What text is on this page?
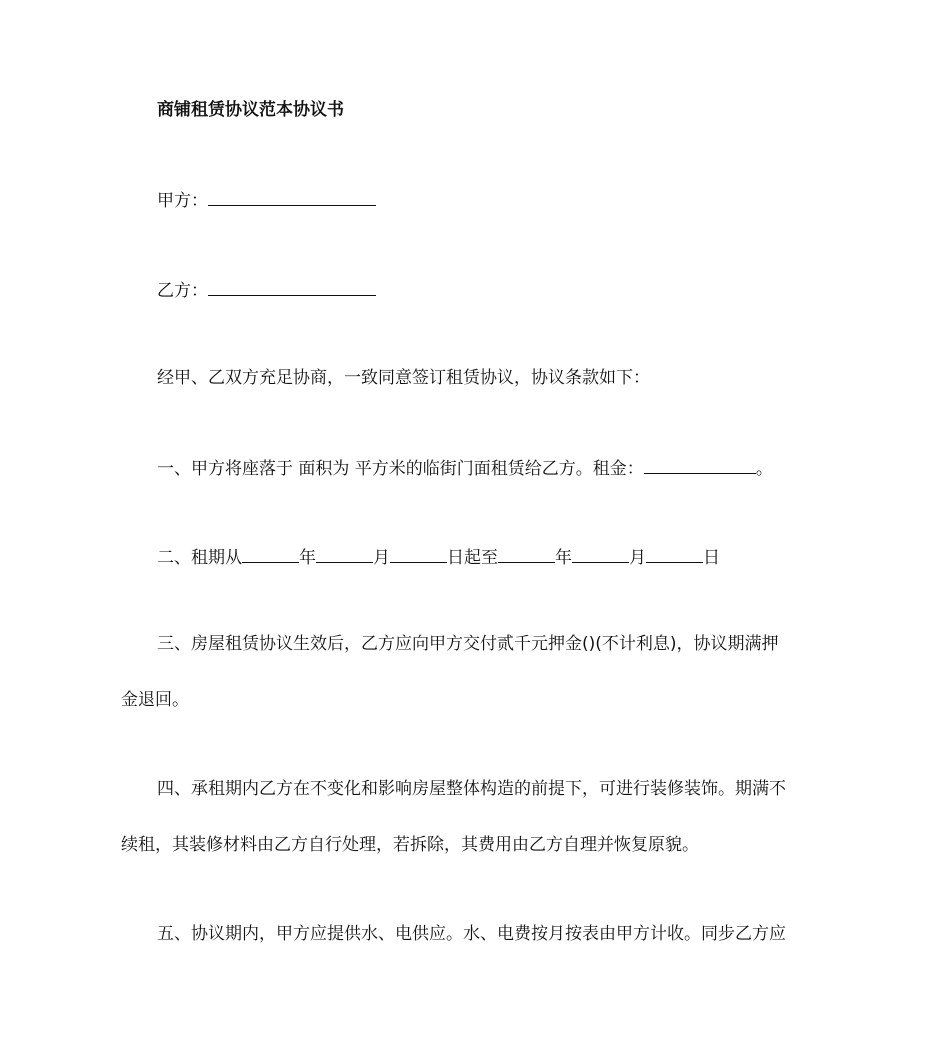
商铺租赁协议范本协议书
甲方：
乙方：
经甲、乙双方充足协商，一致同意签订租赁协议，协议条款如下：
一、甲方将座落于 面积为 平方米的临街门面租赁给乙方。租金：	。
二、租期从	年	月	日起至	年	月	日
三、房屋租赁协议生效后，乙方应向甲方交付贰千元押金()(不计利息)，协议期满押
金退回。
四、承租期内乙方在不变化和影响房屋整体构造的前提下，可进行装修装饰。期满不
续租，其装修材料由乙方自行处理，若拆除，其费用由乙方自理并恢复原貌。
五、协议期内，甲方应提供水、电供应。水、电费按月按表由甲方计收。同步乙方应
